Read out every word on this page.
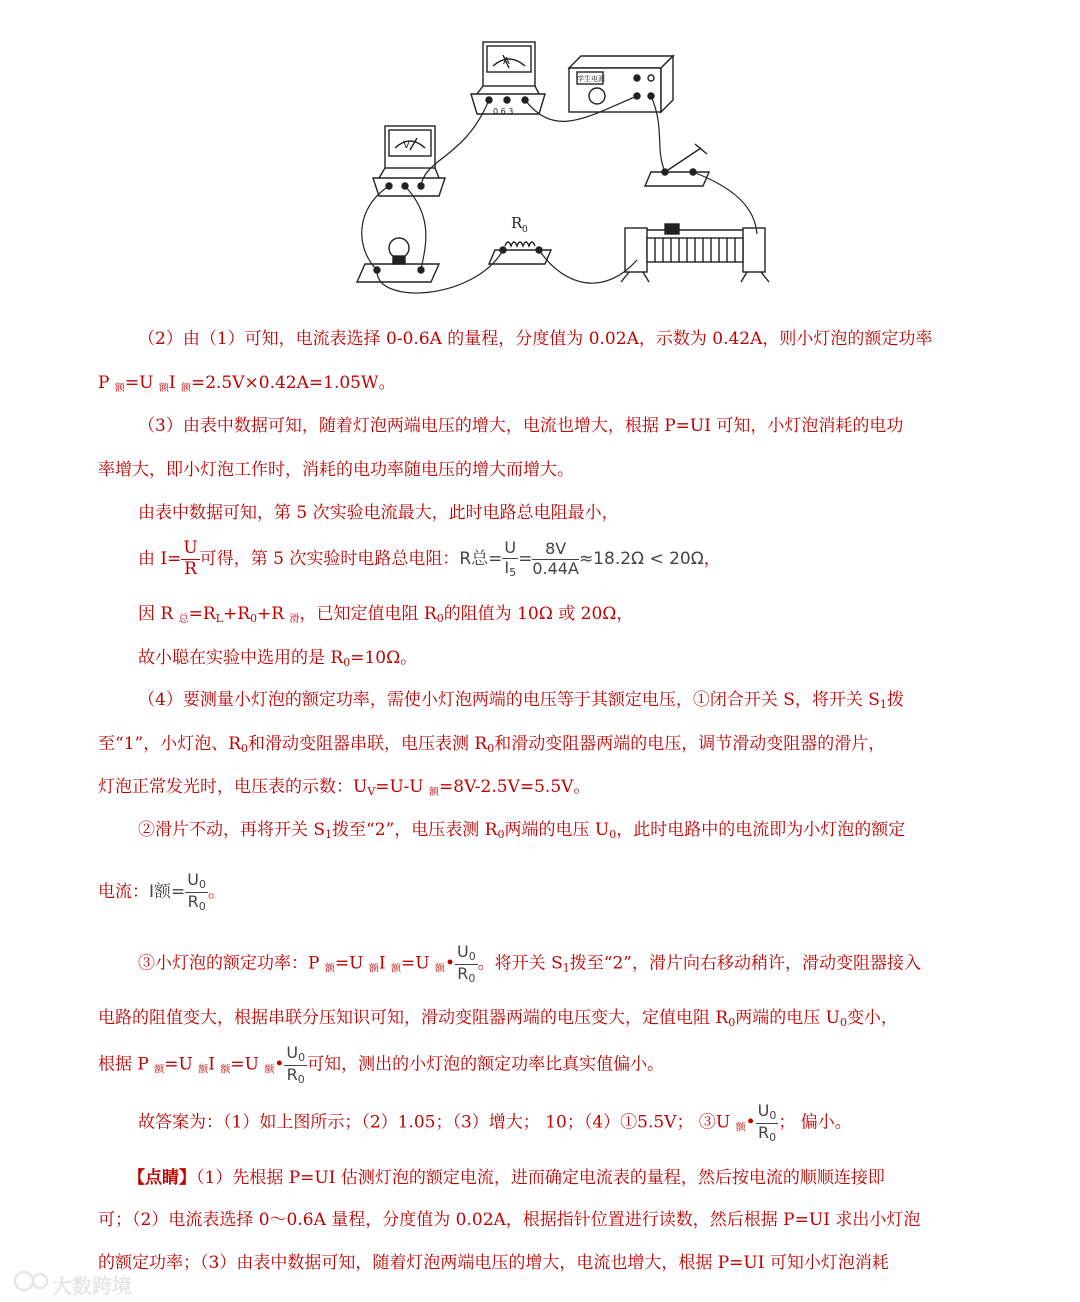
V
A
0.6 3
学生电源
R 0
（2）由（1）可知，电流表选择 0-0.6A 的量程，分度值为 0.02A，示数为 0.42A，则小灯泡的额定功率
P 额=U 额I 额=2.5V×0.42A=1.05W。
（3）由表中数据可知，随着灯泡两端电压的增大，电流也增大，根据 P=UI 可知，小灯泡消耗的电功
率增大，即小灯泡工作时，消耗的电功率随电压的增大而增大。
由表中数据可知，第 5 次实验电流最大，此时电路总电阻最小，
由 $I= \frac{U}{R}$ 可得，第 5 次实验时电路总电阻：R总= $\frac{U}{I_5} = \frac{8V}{0.44A} \approx 18.2\Omega < 20\Omega$，
因 R 总$=R_L+R_0+R$ 滑，已知定值电阻 $R_0$的阻值为 10Ω 或 20Ω，
故小聪在实验中选用的是 $R_0=10\Omega$。
（4）要测量小灯泡的额定功率，需使小灯泡两端的电压等于其额定电压，①闭合开关 S，将开关 $S_1$拨
至“1”，小灯泡、$R_0$和滑动变阻器串联，电压表测 $R_0$和滑动变阻器两端的电压，调节滑动变阻器的滑片，
灯泡正常发光时，电压表的示数：$U_V=U-U$ 额=8V-2.5V=5.5V。
②滑片不动，再将开关 $S_1$拨至“2”，电压表测 $R_0$两端的电压 $U_0$，此时电路中的电流即为小灯泡的额定
电流：I额= $\frac{U_0}{R_0}$ 。
③小灯泡的额定功率：P 额=U 额I 额=U 额• $\frac{U_0}{R_0}$ 。将开关 $S_1$拨至“2”，滑片向右移动稍许，滑动变阻器接入
电路的阻值变大，根据串联分压知识可知，滑动变阻器两端的电压变大，定值电阻 $R_0$两端的电压 $U_0$变小，
根据 P 额=U 额I 额=U 额• $\frac{U_0}{R_0}$ 可知，测出的小灯泡的额定功率比真实值偏小。
故答案为：（1）如上图所示；（2）1.05；（3）增大； 10；（4）①5.5V； ③U 额• $\frac{U_0}{R_0}$ ； 偏小。
【点睛】（1）先根据 P=UI 估测灯泡的额定电流，进而确定电流表的量程，然后按电流的顺顺连接即
可；（2）电流表选择 0～0.6A 量程，分度值为 0.02A，根据指针位置进行读数，然后根据 P=UI 求出小灯泡
的额定功率；（3）由表中数据可知，随着灯泡两端电压的增大，电流也增大，根据 P=UI 可知小灯泡消耗
大数跨境
